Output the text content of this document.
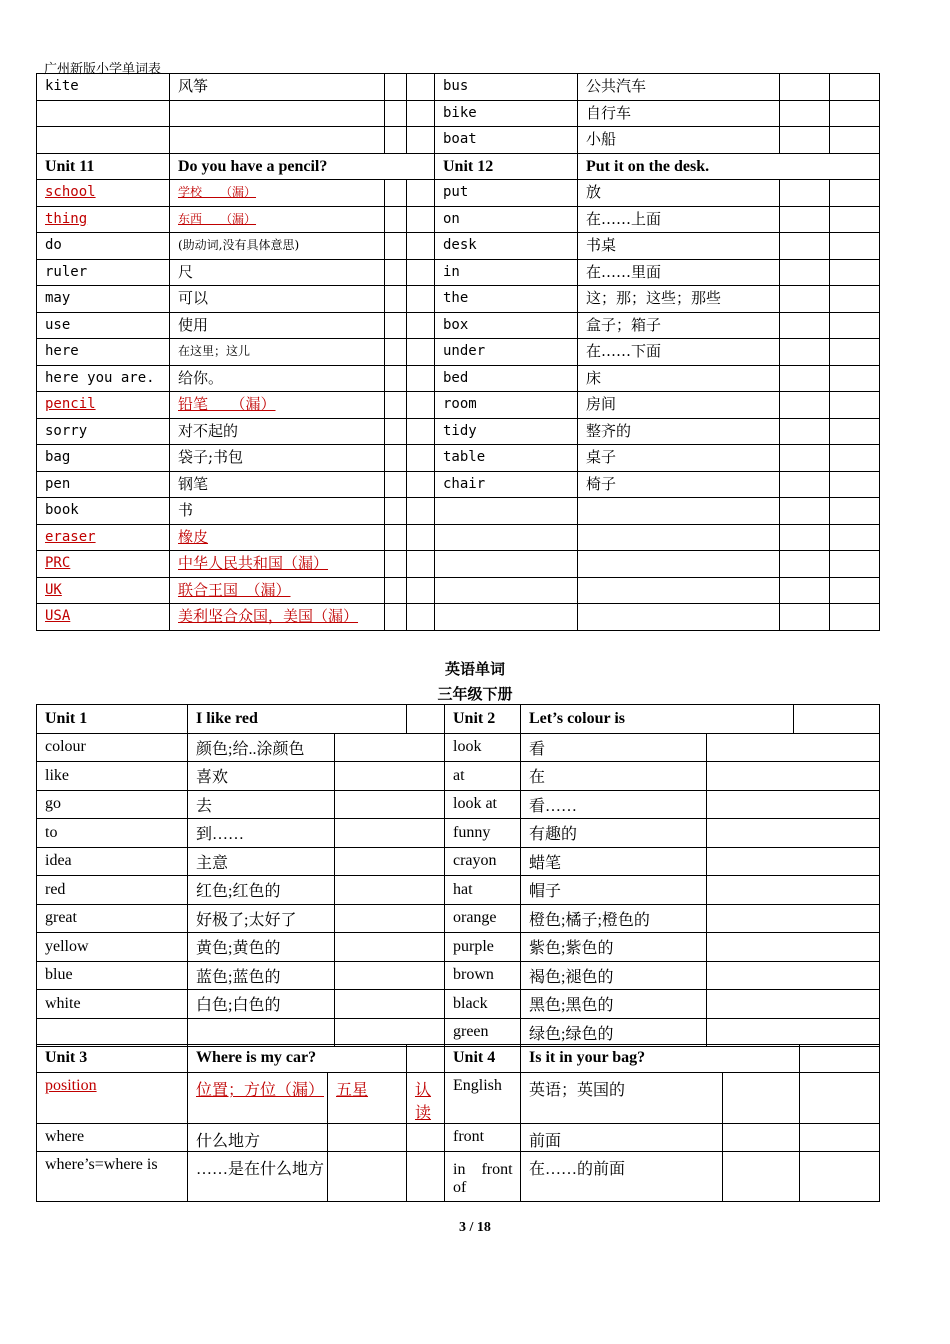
广州新版小学单词表
kite	风筝			bus	公共汽车		
				bike	自行车		
				boat	小船		
Unit 11	Do you have a pencil?			Unit 12	Put it on the desk.		
school	学校　　（漏）			put	放		
thing	东西　　（漏）			on	在……上面		
do	(助动词,没有具体意思)			desk	书桌		
ruler	尺			in	在……里面		
may	可以			the	这；那；这些；那些		
use	使用			box	盒子；箱子		
here	在这里；这儿			under	在……下面		
here you are.	给你。			bed	床		
pencil	铅笔　　（漏）			room	房间		
sorry	对不起的			tidy	整齐的		
bag	袋子;书包			table	桌子		
pen	钢笔			chair	椅子		
book	书						
eraser	橡皮						
PRC	中华人民共和国（漏）						
UK	联合王国　（漏）						
USA	美利坚合众国，美国（漏）						
英语单词
三年级下册
Unit 1	I like red			Unit 2	Let’s colour is		
colour	颜色;给..涂颜色			look	看		
like	喜欢			at	在		
go	去			look at	看……		
to	到……			funny	有趣的		
idea	主意			crayon	蜡笔		
red	红色;红色的			hat	帽子		
great	好极了;太好了			orange	橙色;橘子;橙色的		
yellow	黄色;黄色的			purple	紫色;紫色的		
blue	蓝色;蓝色的			brown	褐色;褪色的		
white	白色;白色的			black	黑色;黑色的		
				green	绿色;绿色的		
Unit 3	Where is my car?			Unit 4	Is it in your bag?		
position	位置；方位（漏）	五星	认读	English	英语；英国的		
where	什么地方			front	前面		
where’s=where is	……是在什么地方			in　front of	在……的前面		
3 / 18
